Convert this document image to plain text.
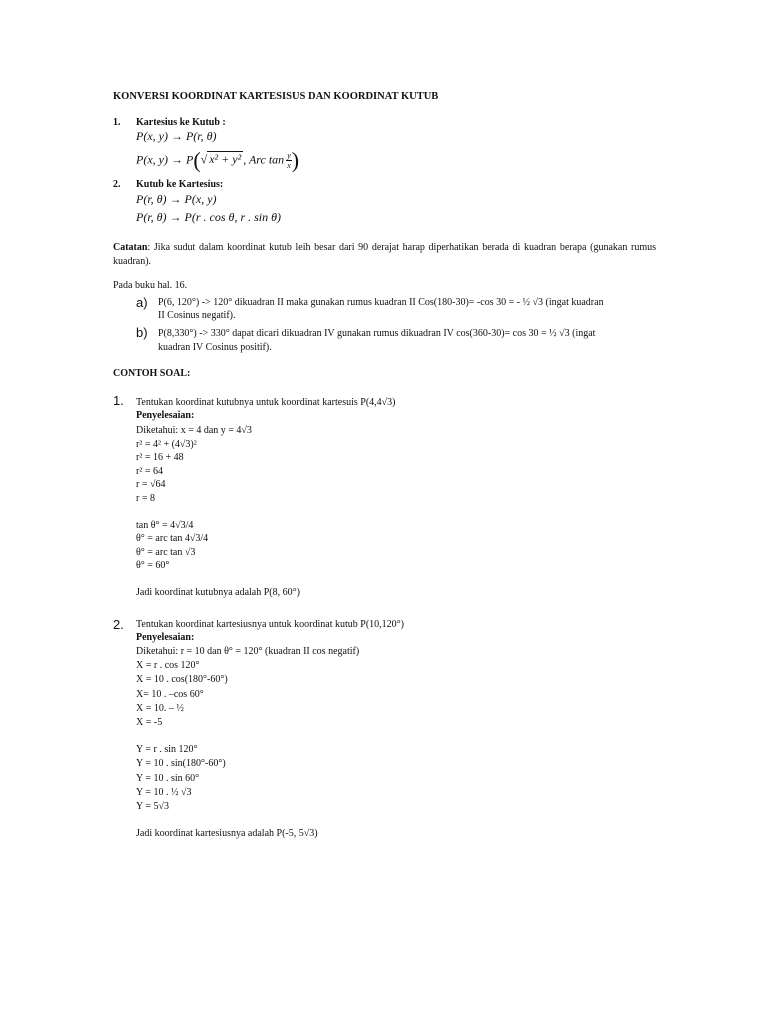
KONVERSI KOORDINAT KARTESISUS DAN KOORDINAT KUTUB
1. Kartesius ke Kutub :
P(x, y) → P(r, θ)
P(x, y) → P(√ x² + y² , Arc $\tan \frac{y}{x}$ )
2. Kutub ke Kartesius:
P(r, θ) → P(x, y)
P(r, θ) → P(r . cos θ, r . sin θ)
Catatan: Jika sudut dalam koordinat kutub leih besar dari 90 derajat harap diperhatikan berada di kuadran berapa (gunakan rumus kuadran).
Pada buku hal. 16.
a) P(6, 120°) -> 120° dikuadran II maka gunakan rumus kuadran II Cos(180-30)= -cos 30 = - ½ √3 (ingat kuadran
II Cosinus negatif).
b) P(8,330°) -> 330° dapat dicari dikuadran IV gunakan rumus dikuadran IV cos(360-30)= cos 30 = ½ √3 (ingat
kuadran IV Cosinus positif).
CONTOH SOAL:
1. Tentukan koordinat kutubnya untuk koordinat kartesuis P(4,4√3)
Penyelesaian:
Diketahui: x = 4 dan y = 4√3
r² = 4² + (4√3)²
r² = 16 + 48
r² = 64
r = √64
r = 8
tan θ° = 4√3/4
θ° = arc tan 4√3/4
θ° = arc tan √3
θ° = 60°
Jadi koordinat kutubnya adalah P(8, 60°)
2. Tentukan koordinat kartesiusnya untuk koordinat kutub P(10,120°)
Penyelesaian:
Diketahui: r = 10 dan θ° = 120° (kuadran II cos negatif)
X = r . cos 120°
X = 10 . cos(180°-60°)
X= 10 . –cos 60°
X = 10. – ½
X = -5
Y = r . sin 120°
Y = 10 . sin(180°-60°)
Y = 10 . sin 60°
Y = 10 . ½ √3
Y = 5√3
Jadi koordinat kartesiusnya adalah P(-5, 5√3)
